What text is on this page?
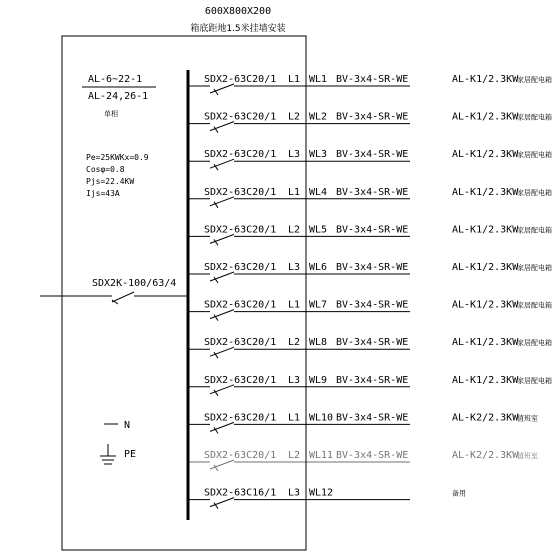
600X800X200
箱底距地1.5米挂墙安装
AL-6~22-1
AL-24,26-1
单相
Pe=25KWKx=0.9
Cosφ=0.8
Pjs=22.4KW
Ijs=43A
SDX2K-100/63/4
N
PE
SDX2-63C20/1 L1 WL1 BV-3x4-SR-WE	AL-K1/2.3KW
家居配电箱
SDX2-63C20/1 L2 WL2 BV-3x4-SR-WE	AL-K1/2.3KW
家居配电箱
SDX2-63C20/1 L3 WL3 BV-3x4-SR-WE	AL-K1/2.3KW
家居配电箱
SDX2-63C20/1 L1 WL4 BV-3x4-SR-WE	AL-K1/2.3KW
家居配电箱
SDX2-63C20/1 L2 WL5 BV-3x4-SR-WE	AL-K1/2.3KW
家居配电箱
SDX2-63C20/1 L3 WL6 BV-3x4-SR-WE	AL-K1/2.3KW
家居配电箱
SDX2-63C20/1 L1 WL7 BV-3x4-SR-WE	AL-K1/2.3KW
家居配电箱
SDX2-63C20/1 L2 WL8 BV-3x4-SR-WE	AL-K1/2.3KW
家居配电箱
SDX2-63C20/1 L3 WL9 BV-3x4-SR-WE	AL-K1/2.3KW
家居配电箱
SDX2-63C20/1 L1 WL10 BV-3x4-SR-WE	AL-K2/2.3KW
值班室
SDX2-63C20/1 L2 WL11 BV-3x4-SR-WE	AL-K2/2.3KW
值班室
SDX2-63C16/1 L3 WL12	备用
